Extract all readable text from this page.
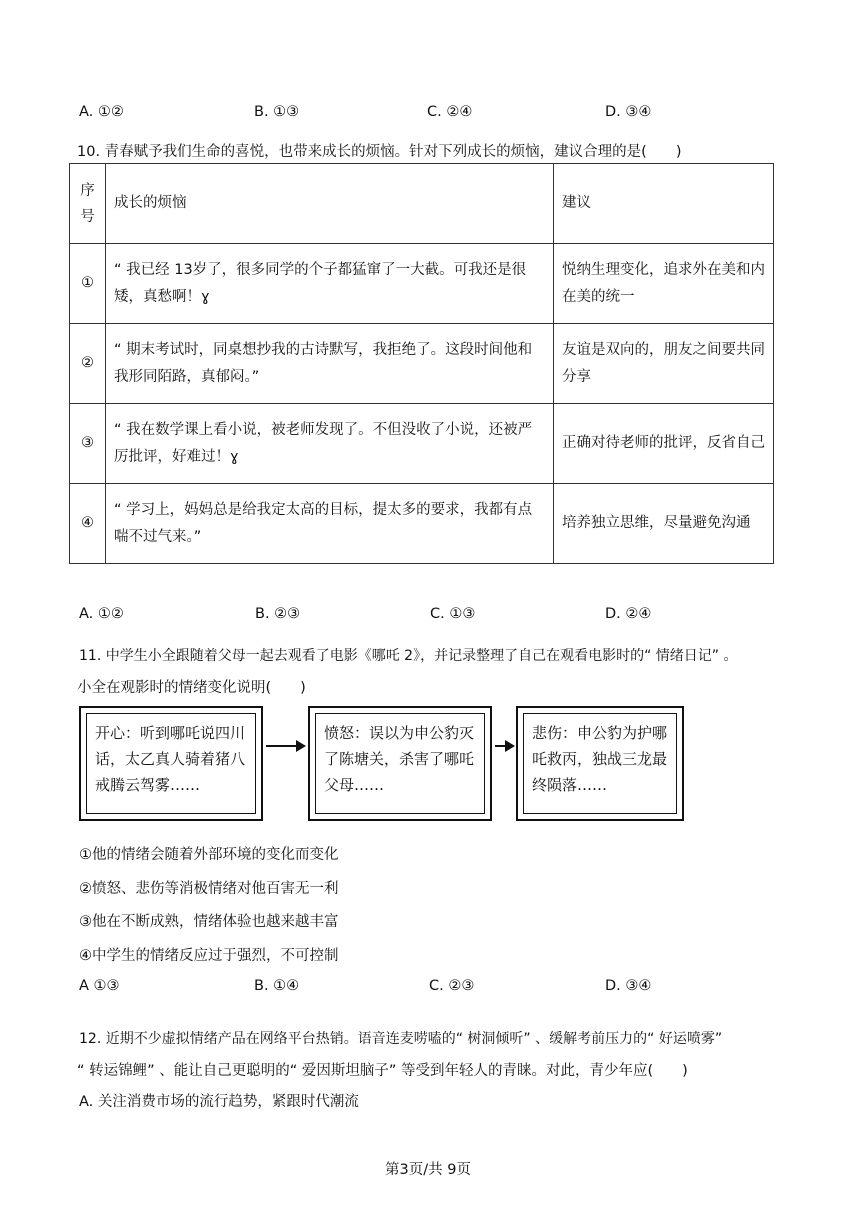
A. ①②	B. ①③	C. ②④	D. ③④
10. 青春赋予我们生命的喜悦，也带来成长的烦恼。针对下列成长的烦恼，建议合理的是(　　)
序号	成长的烦恼	建议
①	“ 我已经 13岁了，很多同学的个子都猛窜了一大截。可我还是很矮，真愁啊！ɣ	悦纳生理变化，追求外在美和内在美的统一
②	“ 期末考试时，同桌想抄我的古诗默写，我拒绝了。这段时间他和我形同陌路，真郁闷。”	友谊是双向的，朋友之间要共同分享
③	“ 我在数学课上看小说，被老师发现了。不但没收了小说，还被严厉批评，好难过！ɣ	正确对待老师的批评，反省自己
④	“ 学习上，妈妈总是给我定太高的目标，提太多的要求，我都有点喘不过气来。”	培养独立思维，尽量避免沟通
A. ①②	B. ②③	C. ①③	D. ②④
11. 中学生小全跟随着父母一起去观看了电影《哪吒 2》，并记录整理了自己在观看电影时的“ 情绪日记” 。
小全在观影时的情绪变化说明(　　)
开心：听到哪吒说四川话，太乙真人骑着猪八戒腾云驾雾……
愤怒：误以为申公豹灭了陈塘关，杀害了哪吒父母……
悲伤：申公豹为护哪吒救丙，独战三龙最终陨落……
①他的情绪会随着外部环境的变化而变化
②愤怒、悲伤等消极情绪对他百害无一利
③他在不断成熟，情绪体验也越来越丰富
④中学生的情绪反应过于强烈，不可控制
A ①③	B. ①④	C. ②③	D. ③④
12. 近期不少虚拟情绪产品在网络平台热销。语音连麦唠嗑的“ 树洞倾听” 、缓解考前压力的“ 好运喷雾”
“ 转运锦鲤” 、能让自己更聪明的“ 爱因斯坦脑子” 等受到年轻人的青睐。对此，青少年应(　　)
A. 关注消费市场的流行趋势，紧跟时代潮流
第3页/共 9页
